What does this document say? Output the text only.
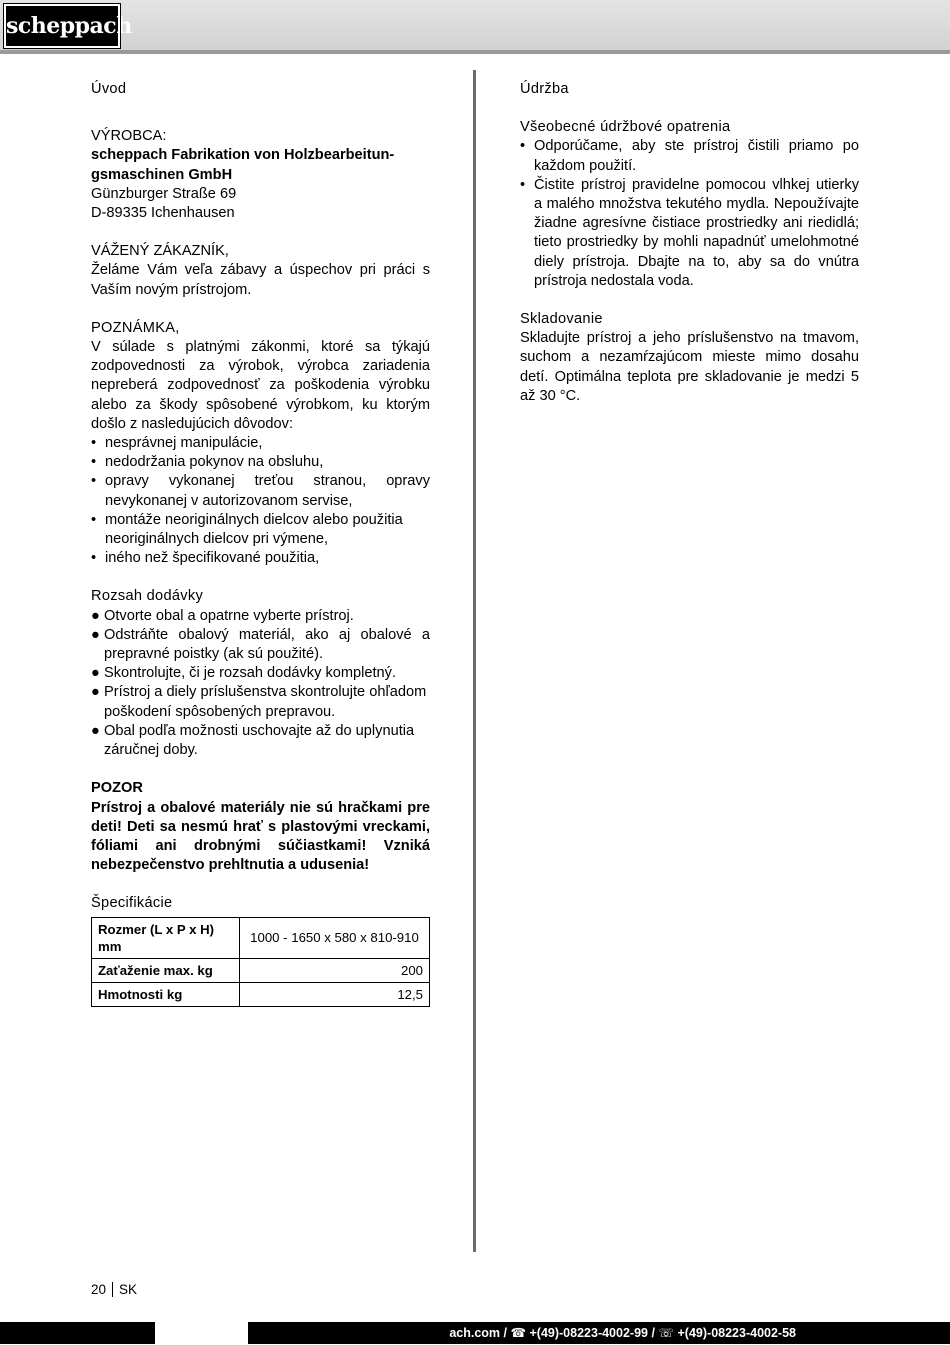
scheppach

Úvod

VÝROBCA:

scheppach Fabrikation von Holzbearbeitun-

gsmaschinen GmbH

Günzburger Straße 69

D-89335 Ichenhausen

VÁŽENÝ ZÁKAZNÍK,

Želáme Vám veľa zábavy a úspechov pri práci s Vaším novým prístrojom.

POZNÁMKA,

V súlade s platnými zákonmi, ktoré sa týkajú zodpovednosti za výrobok, výrobca zariadenia nepreberá zodpovednosť za poškodenia výrobku alebo za škody spôsobené výrobkom, ku ktorým došlo z nasledujúcich dôvodov:

• nesprávnej manipulácie,
• nedodržania pokynov na obsluhu,
• opravy vykonanej treťou stranou, opravy nevykonanej v autorizovanom servise,
• montáže neoriginálnych dielcov alebo použitia neoriginálnych dielcov pri výmene,
• iného než špecifikované použitia,

Rozsah dodávky

● Otvorte obal a opatrne vyberte prístroj.
● Odstráňte obalový materiál, ako aj obalové a prepravné poistky (ak sú použité).
● Skontrolujte, či je rozsah dodávky kompletný.
● Prístroj a diely príslušenstva skontrolujte ohľadom poškodení spôsobených prepravou.
● Obal podľa možnosti uschovajte až do uplynutia záručnej doby.

POZOR

Prístroj a obalové materiály nie sú hračkami pre deti! Deti sa nesmú hrať s plastovými vreckami, fóliami ani drobnými súčiastkami! Vzniká nebezpečenstvo prehltnutia a udusenia!

Špecifikácie

Rozmer (L x P x H) mm	1000 - 1650 x 580 x 810-910
Zaťaženie max. kg	200
Hmotnosti kg	12,5

Údržba

Všeobecné údržbové opatrenia

• Odporúčame, aby ste prístroj čistili priamo po každom použití.
• Čistite prístroj pravidelne pomocou vlhkej utierky a malého množstva tekutého mydla. Nepoužívajte žiadne agresívne čistiace prostriedky ani riedidlá; tieto prostriedky by mohli napadnúť umelohmotné diely prístroja. Dbajte na to, aby sa do vnútra prístroja nedostala voda.

Skladovanie

Skladujte prístroj a jeho príslušenstvo na tmavom, suchom a nezamŕzajúcom mieste mimo dosahu detí. Optimálna teplota pre skladovanie je medzi 5 až 30 °C.

20 SK
ach.com / ☎ +(49)-08223-4002-99 / ☏ +(49)-08223-4002-58
